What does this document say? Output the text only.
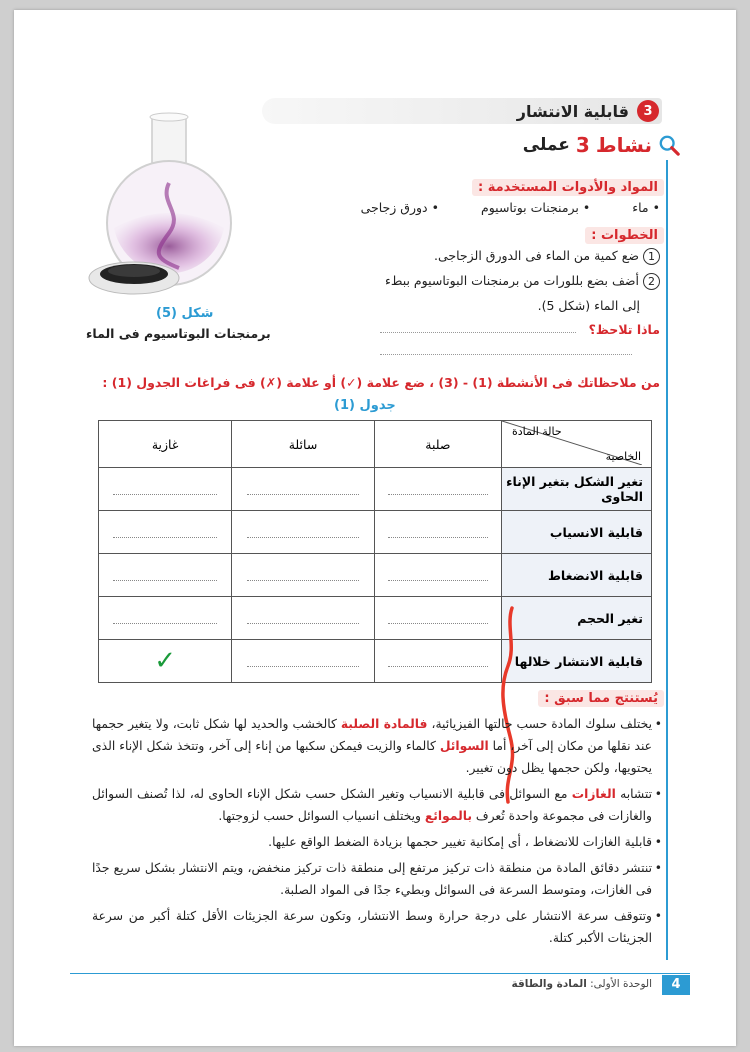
3
قابلية الانتشار
نشاط
3
عملى
المواد والأدوات المستخدمة :
• ماء
• برمنجنات بوتاسيوم
• دورق زجاجى
الخطوات :
1ضع كمية من الماء فى الدورق الزجاجى.
2أضف بضع بللورات من برمنجنات البوتاسيوم ببطء
إلى الماء (شكل 5).
ماذا تلاحظ؟
شكل (5)
برمنجنات البوتاسيوم فى الماء
من ملاحظاتك فى الأنشطة (1) - (3) ، ضع علامة (✓) أو علامة (✗) فى فراغات الجدول (1) :
جدول (1)
حالة المادة
الخاصية	صلبة	سائلة	غازية
تغير الشكل بتغير الإناء الحاوى	

قابلية الانسياب	

قابلية الانضغاط	

تغير الحجم	

قابلية الانتشار خلالها			✓
يُستنتج مما سبق :
• يختلف سلوك المادة حسب حالتها الفيزيائية، فالمادة الصلبة كالخشب والحديد لها شكل ثابت، ولا يتغير حجمها عند نقلها من مكان إلى آخر، أما السوائل كالماء والزيت فيمكن سكبها من إناء إلى آخر، وتتخذ شكل الإناء الذى يحتويها، ولكن حجمها يظل دون تغيير.
• تتشابه الغازات مع السوائل فى قابلية الانسياب وتغير الشكل حسب شكل الإناء الحاوى له، لذا تُصنف السوائل والغازات فى مجموعة واحدة تُعرف بالموائع ويختلف انسياب السوائل حسب لزوجتها.
• قابلية الغازات للانضغاط ، أى إمكانية تغيير حجمها بزيادة الضغط الواقع عليها.
• تنتشر دقائق المادة من منطقة ذات تركيز مرتفع إلى منطقة ذات تركيز منخفض، ويتم الانتشار بشكل سريع جدًا فى الغازات، ومتوسط السرعة فى السوائل وبطيء جدًا فى المواد الصلبة.
• وتتوقف سرعة الانتشار على درجة حرارة وسط الانتشار، وتكون سرعة الجزيئات الأقل كتلة أكبر من سرعة الجزيئات الأكبر كتلة.
4
الوحدة الأولى: المادة والطاقة
